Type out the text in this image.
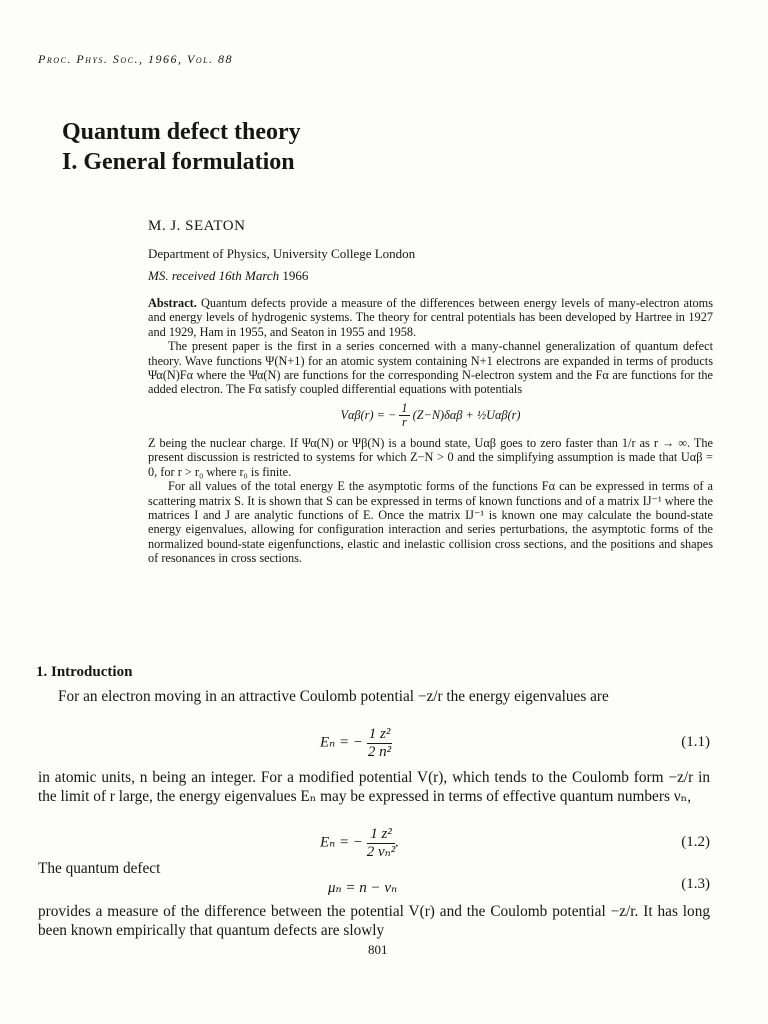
Proc. Phys. Soc., 1966, Vol. 88
Quantum defect theory
I. General formulation
M. J. SEATON
Department of Physics, University College London
MS. received 16th March 1966

Abstract. Quantum defects provide a measure of the differences between energy levels of many-electron atoms and energy levels of hydrogenic systems. The theory for central potentials has been developed by Hartree in 1927 and 1929, Ham in 1955, and Seaton in 1955 and 1958.

The present paper is the first in a series concerned with a many-channel generalization of quantum defect theory. Wave functions Ψ(N+1) for an atomic system containing N+1 electrons are expanded in terms of products Ψα(N)Fα where the Ψα(N) are functions for the corresponding N-electron system and the Fα are functions for the added electron. The Fα satisfy coupled differential equations with potentials

Vαβ(r) = − $\frac{1}{r} (Z-N)\delta\alpha\beta$ + ½Uαβ(r)

Z being the nuclear charge. If Ψα(N) or Ψβ(N) is a bound state, Uαβ goes to zero faster than 1/r as r → ∞. The present discussion is restricted to systems for which Z−N > 0 and the simplifying assumption is made that Uαβ = 0, for r > r₀ where r₀ is finite.

For all values of the total energy E the asymptotic forms of the functions Fα can be expressed in terms of a scattering matrix S. It is shown that S can be expressed in terms of known functions and of a matrix IJ⁻¹ where the matrices I and J are analytic functions of E. Once the matrix IJ⁻¹ is known one may calculate the bound-state energy eigenvalues, allowing for configuration interaction and series perturbations, the asymptotic forms of the normalized bound-state eigenfunctions, elastic and inelastic collision cross sections, and the positions and shapes of resonances in cross sections.

1. Introduction

For an electron moving in an attractive Coulomb potential −z/r the energy eigenvalues are

Eₙ = − $\frac{\text{1 z²}}{\text{2 n²}}$	(1.1)

in atomic units, n being an integer. For a modified potential V(r), which tends to the Coulomb form −z/r in the limit of r large, the energy eigenvalues Eₙ may be expressed in terms of effective quantum numbers νₙ,

Eₙ = − $\frac{\text{1 z²}}{\text{2 νₙ²}}$ .	(1.2)
The quantum defect
μₙ = n − νₙ	(1.3)

provides a measure of the difference between the potential V(r) and the Coulomb potential −z/r. It has long been known empirically that quantum defects are slowly

801
